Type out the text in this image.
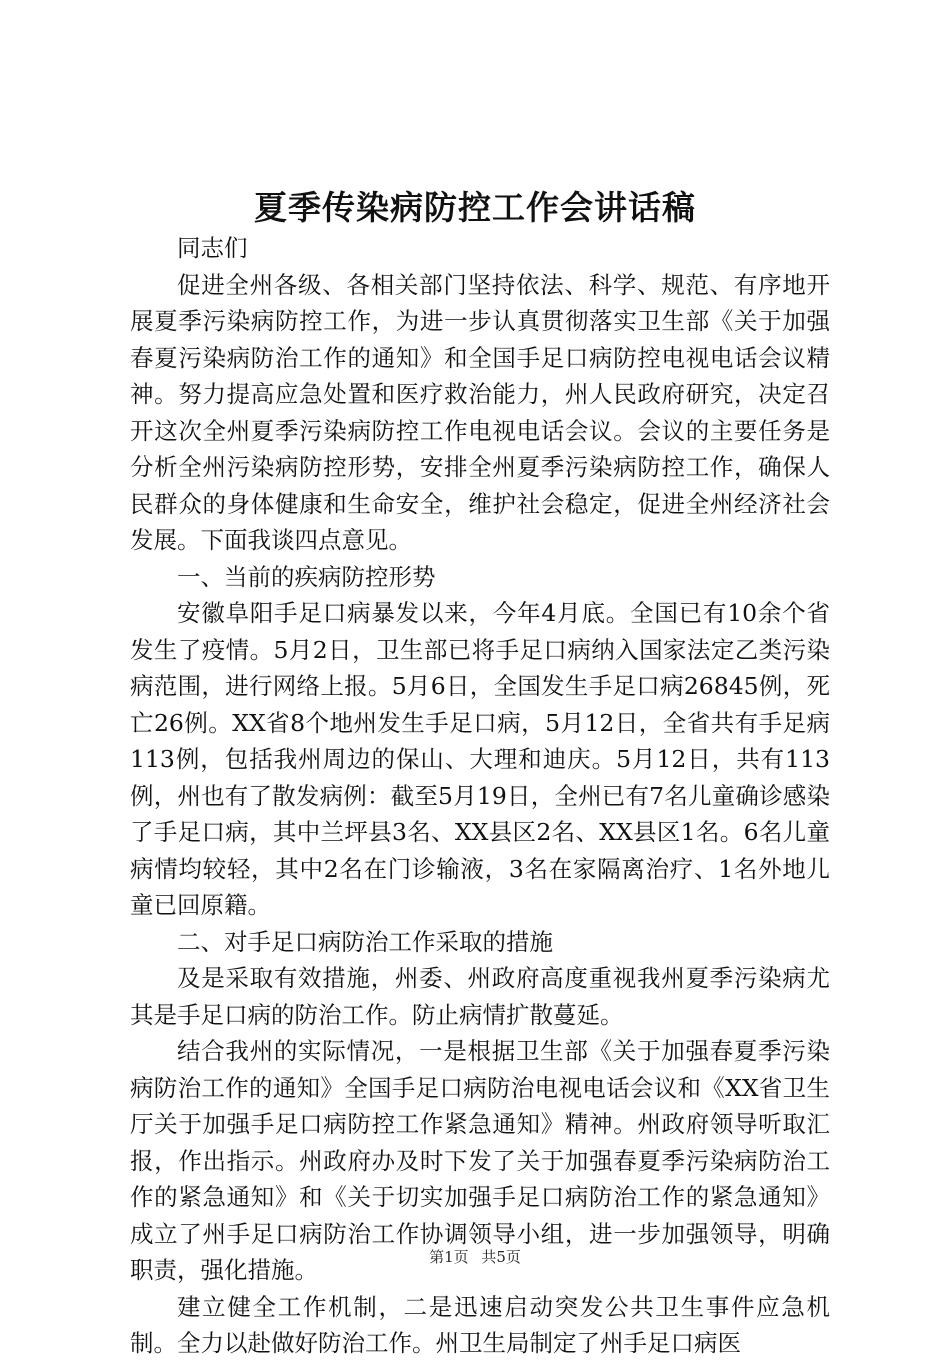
夏季传染病防控工作会讲话稿

同志们

促进全州各级、各相关部门坚持依法、科学、规范、有序地开展夏季污染病防控工作，为进一步认真贯彻落实卫生部《关于加强春夏污染病防治工作的通知》和全国手足口病防控电视电话会议精神。努力提高应急处置和医疗救治能力，州人民政府研究，决定召开这次全州夏季污染病防控工作电视电话会议。会议的主要任务是分析全州污染病防控形势，安排全州夏季污染病防控工作，确保人民群众的身体健康和生命安全，维护社会稳定，促进全州经济社会发展。下面我谈四点意见。

一、当前的疾病防控形势

安徽阜阳手足口病暴发以来，今年4月底。全国已有10余个省发生了疫情。5月2日，卫生部已将手足口病纳入国家法定乙类污染病范围，进行网络上报。5月6日，全国发生手足口病26845例，死亡26例。XX省8个地州发生手足口病，5月12日，全省共有手足病113例，包括我州周边的保山、大理和迪庆。5月12日，共有113例，州也有了散发病例：截至5月19日，全州已有7名儿童确诊感染了手足口病，其中兰坪县3名、XX县区2名、XX县区1名。6名儿童病情均较轻，其中2名在门诊输液，3名在家隔离治疗、1名外地儿童已回原籍。

二、对手足口病防治工作采取的措施

及是采取有效措施，州委、州政府高度重视我州夏季污染病尤其是手足口病的防治工作。防止病情扩散蔓延。

结合我州的实际情况，一是根据卫生部《关于加强春夏季污染病防治工作的通知》全国手足口病防治电视电话会议和《XX省卫生厅关于加强手足口病防控工作紧急通知》精神。州政府领导听取汇报，作出指示。州政府办及时下发了关于加强春夏季污染病防治工作的紧急通知》和《关于切实加强手足口病防治工作的紧急通知》成立了州手足口病防治工作协调领导小组，进一步加强领导，明确职责，强化措施。

建立健全工作机制，二是迅速启动突发公共卫生事件应急机制。全力以赴做好防治工作。州卫生局制定了州手足口病医

第1页 共5页
